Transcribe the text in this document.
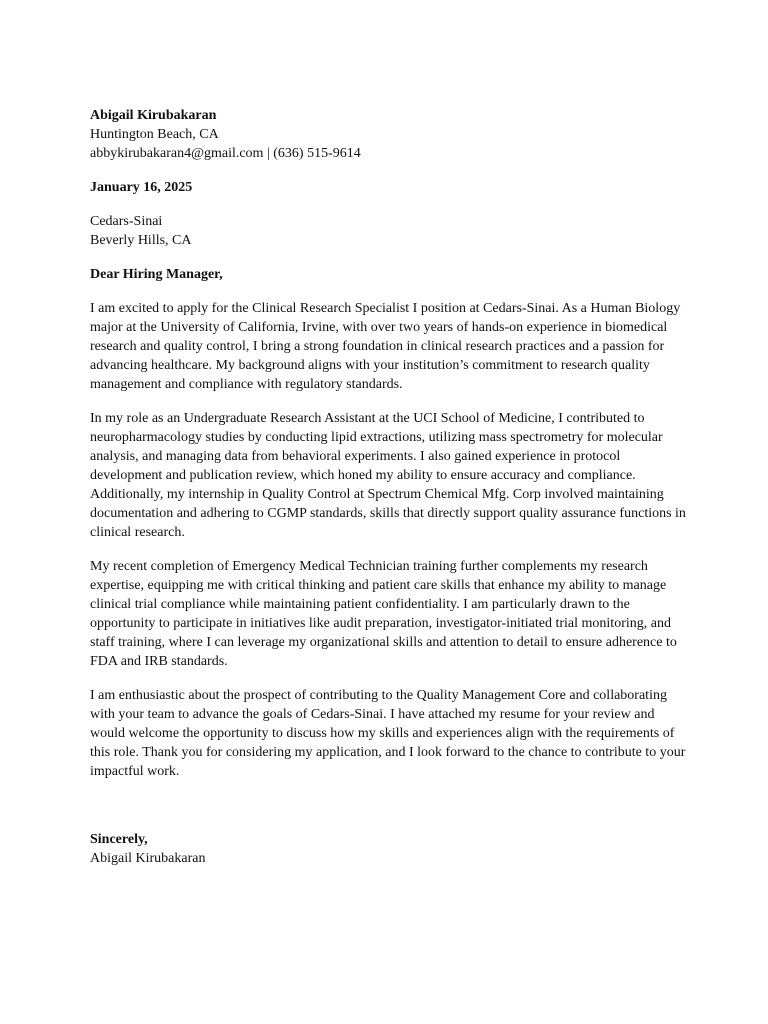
Abigail Kirubakaran
Huntington Beach, CA
abbykirubakaran4@gmail.com | (636) 515-9614
January 16, 2025
Cedars-Sinai
Beverly Hills, CA
Dear Hiring Manager,

I am excited to apply for the Clinical Research Specialist I position at Cedars-Sinai. As a Human Biology major at the University of California, Irvine, with over two years of hands-on experience in biomedical research and quality control, I bring a strong foundation in clinical research practices and a passion for advancing healthcare. My background aligns with your institution’s commitment to research quality management and compliance with regulatory standards.

In my role as an Undergraduate Research Assistant at the UCI School of Medicine, I contributed to neuropharmacology studies by conducting lipid extractions, utilizing mass spectrometry for molecular analysis, and managing data from behavioral experiments. I also gained experience in protocol development and publication review, which honed my ability to ensure accuracy and compliance. Additionally, my internship in Quality Control at Spectrum Chemical Mfg. Corp involved maintaining documentation and adhering to CGMP standards, skills that directly support quality assurance functions in clinical research.

My recent completion of Emergency Medical Technician training further complements my research expertise, equipping me with critical thinking and patient care skills that enhance my ability to manage clinical trial compliance while maintaining patient confidentiality. I am particularly drawn to the opportunity to participate in initiatives like audit preparation, investigator-initiated trial monitoring, and staff training, where I can leverage my organizational skills and attention to detail to ensure adherence to FDA and IRB standards.

I am enthusiastic about the prospect of contributing to the Quality Management Core and collaborating with your team to advance the goals of Cedars-Sinai. I have attached my resume for your review and would welcome the opportunity to discuss how my skills and experiences align with the requirements of this role. Thank you for considering my application, and I look forward to the chance to contribute to your impactful work.

Sincerely,
Abigail Kirubakaran
